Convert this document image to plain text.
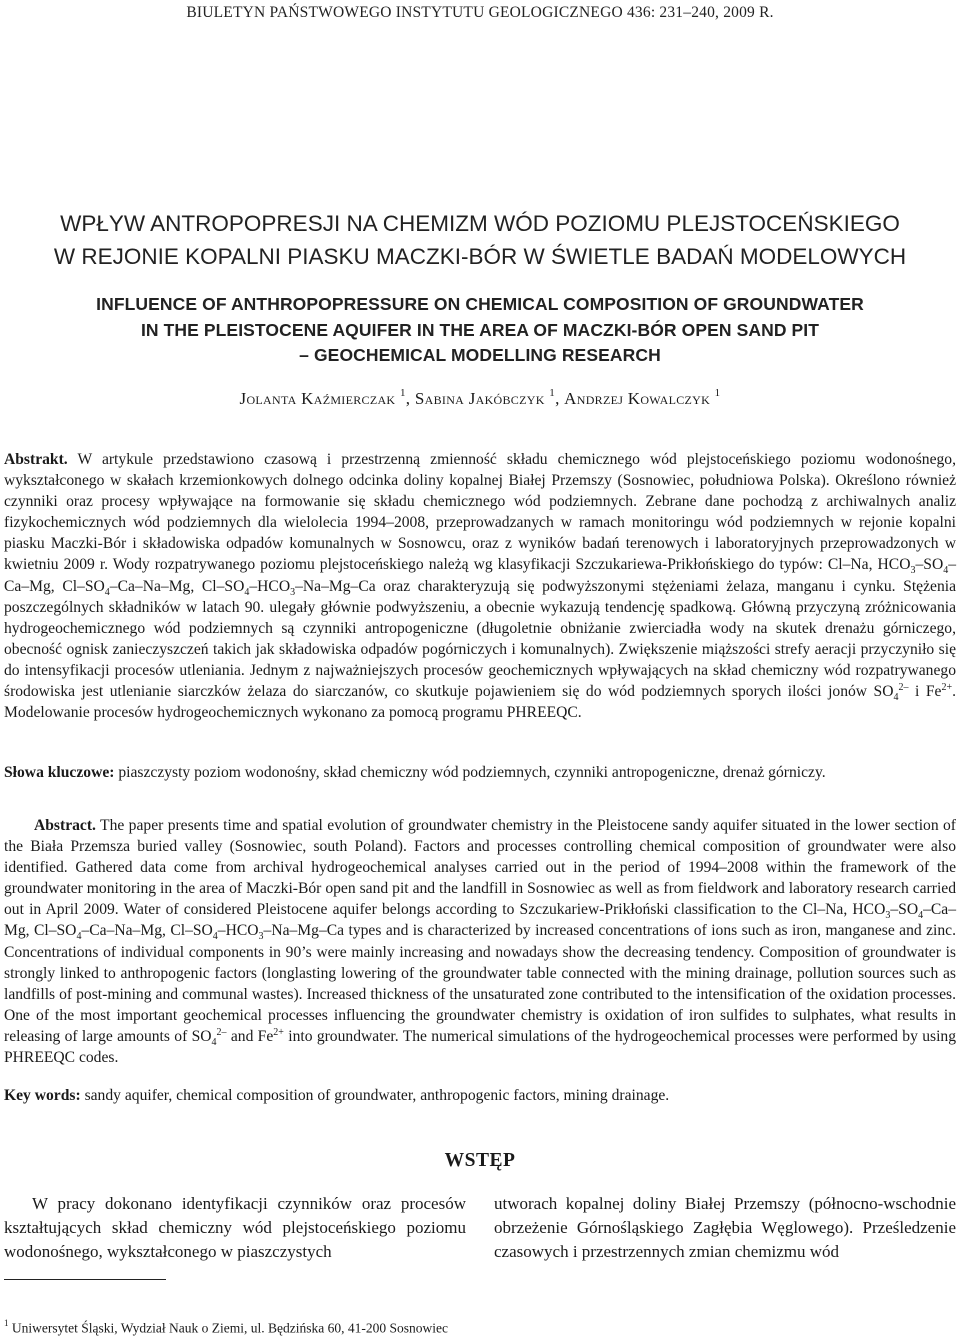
BIULETYN PAŃSTWOWEGO INSTYTUTU GEOLOGICZNEGO 436: 231–240, 2009 R.
WPŁYW ANTROPOPRESJI NA CHEMIZM WÓD POZIOMU PLEJSTOCEŃSKIEGO
W REJONIE KOPALNI PIASKU MACZKI-BÓR W ŚWIETLE BADAŃ MODELOWYCH
INFLUENCE OF ANTHROPOPRESSURE ON CHEMICAL COMPOSITION OF GROUNDWATER
IN THE PLEISTOCENE AQUIFER IN THE AREA OF MACZKI-BÓR OPEN SAND PIT
– GEOCHEMICAL MODELLING RESEARCH
Jolanta Kaźmierczak $^1$, Sabina Jakóbczyk $^1$, Andrzej Kowalczyk $^1$

Abstrakt. W artykule przedstawiono czasową i przestrzenną zmienność składu chemicznego wód plejstoceńskiego poziomu wodonośnego, wykształconego w skałach krzemionkowych dolnego odcinka doliny kopalnej Białej Przemszy (Sosnowiec, południowa Polska). Określono również czynniki oraz procesy wpływające na formowanie się składu chemicznego wód podziemnych. Zebrane dane pochodzą z archiwalnych analiz fizykochemicznych wód podziemnych dla wielolecia 1994–2008, przeprowadzanych w ramach monitoringu wód podziemnych w rejonie kopalni piasku Maczki-Bór i składowiska odpadów komunalnych w Sosnowcu, oraz z wyników badań terenowych i laboratoryjnych przeprowadzonych w kwietniu 2009 r. Wody rozpatrywanego poziomu plejstoceńskiego należą wg klasyfikacji Szczukariewa-Prikłońskiego do typów: Cl–Na, $HCO_3-SO_4-Ca-Mg$, $Cl-SO_4-Ca-Na-Mg$, $Cl-SO_4-HCO_3-Na-Mg-Ca$ oraz charakteryzują się podwyższonymi stężeniami żelaza, manganu i cynku. Stężenia poszczególnych składników w latach 90. ulegały głównie podwyższeniu, a obecnie wykazują tendencję spadkową. Główną przyczyną zróżnicowania hydrogeochemicznego wód podziemnych są czynniki antropogeniczne (długoletnie obniżanie zwierciadła wody na skutek drenażu górniczego, obecność ognisk zanieczyszczeń takich jak składowiska odpadów pogórniczych i komunalnych). Zwiększenie miąższości strefy aeracji przyczyniło się do intensyfikacji procesów utleniania. Jednym z najważniejszych procesów geochemicznych wpływających na skład chemiczny wód rozpatrywanego środowiska jest utlenianie siarczków żelaza do siarczanów, co skutkuje pojawieniem się do wód podziemnych sporych ilości jonów $SO_4^{2-}$ i $Fe^{2+}$. Modelowanie procesów hydrogeochemicznych wykonano za pomocą programu PHREEQC.

Słowa kluczowe: piaszczysty poziom wodonośny, skład chemiczny wód podziemnych, czynniki antropogeniczne, drenaż górniczy.

Abstract. The paper presents time and spatial evolution of groundwater chemistry in the Pleistocene sandy aquifer situated in the lower section of the Biała Przemsza buried valley (Sosnowiec, south Poland). Factors and processes controlling chemical composition of groundwater were also identified. Gathered data come from archival hydrogeochemical analyses carried out in the period of 1994–2008 within the framework of the groundwater monitoring in the area of Maczki-Bór open sand pit and the landfill in Sosnowiec as well as from fieldwork and laboratory research carried out in April 2009. Water of considered Pleistocene aquifer belongs according to Szczukariew-Prikłoński classification to the Cl–Na, $HCO_3-SO_4-Ca-Mg$, $Cl-SO_4-Ca-Na-Mg$, $Cl-SO_4-HCO_3-Na-Mg-Ca$ types and is characterized by increased concentrations of ions such as iron, manganese and zinc. Concentrations of individual components in 90’s were mainly increasing and nowadays show the decreasing tendency. Composition of groundwater is strongly linked to anthropogenic factors (longlasting lowering of the groundwater table connected with the mining drainage, pollution sources such as landfills of post-mining and communal wastes). Increased thickness of the unsaturated zone contributed to the intensification of the oxidation processes. One of the most important geochemical processes influencing the groundwater chemistry is oxidation of iron sulfides to sulphates, what results in releasing of large amounts of $SO_4^{2-}$ and $Fe^{2+}$ into groundwater. The numerical simulations of the hydrogeochemical processes were performed by using PHREEQC codes.

Key words: sandy aquifer, chemical composition of groundwater, anthropogenic factors, mining drainage.

WSTĘP

W pracy dokonano identyfikacji czynników oraz procesów kształtujących skład chemiczny wód plejstoceńskiego poziomu wodonośnego, wykształconego w piaszczystych

utworach kopalnej doliny Białej Przemszy (północno-wschodnie obrzeżenie Górnośląskiego Zagłębia Węglowego). Prześledzenie czasowych i przestrzennych zmian chemizmu wód

$^1$ Uniwersytet Śląski, Wydział Nauk o Ziemi, ul. Będzińska 60, 41-200 Sosnowiec
